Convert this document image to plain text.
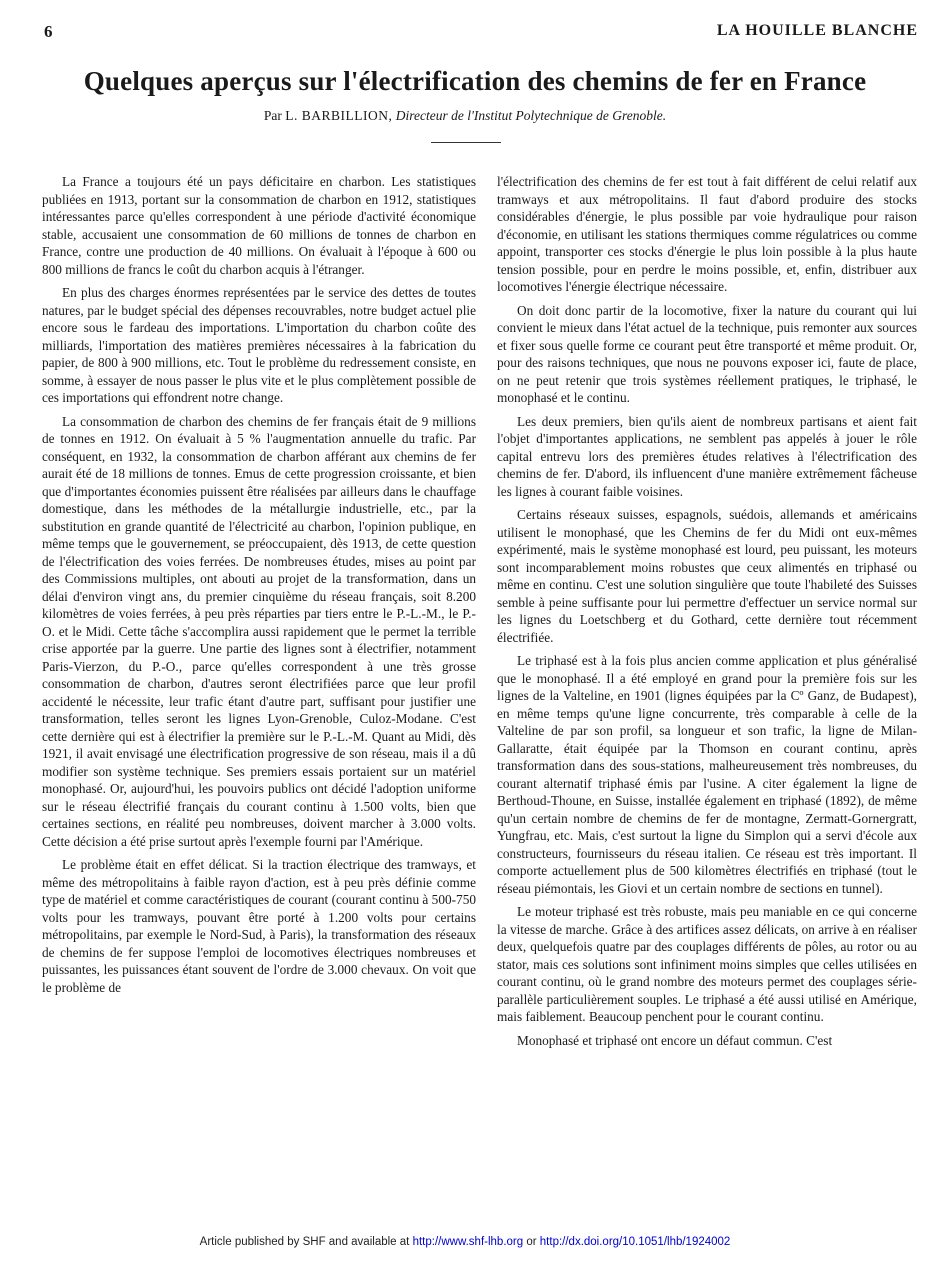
6	LA HOUILLE BLANCHE
Quelques aperçus sur l'électrification des chemins de fer en France
Par L. BARBILLION, Directeur de l'Institut Polytechnique de Grenoble.

La France a toujours été un pays déficitaire en charbon. Les statistiques publiées en 1913, portant sur la consommation de charbon en 1912, statistiques intéressantes parce qu'elles correspondent à une période d'activité économique stable, accusaient une consommation de 60 millions de tonnes de charbon en France, contre une production de 40 millions. On évaluait à l'époque à 600 ou 800 millions de francs le coût du charbon acquis à l'étranger.

En plus des charges énormes représentées par le service des dettes de toutes natures, par le budget spécial des dépenses recouvrables, notre budget actuel plie encore sous le fardeau des importations. L'importation du charbon coûte des milliards, l'importation des matières premières nécessaires à la fabrication du papier, de 800 à 900 millions, etc. Tout le problème du redressement consiste, en somme, à essayer de nous passer le plus vite et le plus complètement possible de ces importations qui effondrent notre change.

La consommation de charbon des chemins de fer français était de 9 millions de tonnes en 1912. On évaluait à 5 % l'augmentation annuelle du trafic. Par conséquent, en 1932, la consommation de charbon afférant aux chemins de fer aurait été de 18 millions de tonnes. Emus de cette progression croissante, et bien que d'importantes économies puissent être réalisées par ailleurs dans le chauffage domestique, dans les méthodes de la métallurgie industrielle, etc., par la substitution en grande quantité de l'électricité au charbon, l'opinion publique, en même temps que le gouvernement, se préoccupaient, dès 1913, de cette question de l'électrification des voies ferrées. De nombreuses études, mises au point par des Commissions multiples, ont abouti au projet de la transformation, dans un délai d'environ vingt ans, du premier cinquième du réseau français, soit 8.200 kilomètres de voies ferrées, à peu près réparties par tiers entre le P.-L.-M., le P.-O. et le Midi. Cette tâche s'accomplira aussi rapidement que le permet la terrible crise apportée par la guerre. Une partie des lignes sont à électrifier, notamment Paris-Vierzon, du P.-O., parce qu'elles correspondent à une très grosse consommation de charbon, d'autres seront électrifiées parce que leur profil accidenté le nécessite, leur trafic étant d'autre part, suffisant pour justifier une transformation, telles seront les lignes Lyon-Grenoble, Culoz-Modane. C'est cette dernière qui est à électrifier la première sur le P.-L.-M. Quant au Midi, dès 1921, il avait envisagé une électrification progressive de son réseau, mais il a dû modifier son système technique. Ses premiers essais portaient sur un matériel monophasé. Or, aujourd'hui, les pouvoirs publics ont décidé l'adoption uniforme sur le réseau électrifié français du courant continu à 1.500 volts, bien que certaines sections, en réalité peu nombreuses, doivent marcher à 3.000 volts. Cette décision a été prise surtout après l'exemple fourni par l'Amérique.

Le problème était en effet délicat. Si la traction électrique des tramways, et même des métropolitains à faible rayon d'action, est à peu près définie comme type de matériel et comme caractéristiques de courant (courant continu à 500-750 volts pour les tramways, pouvant être porté à 1.200 volts pour certains métropolitains, par exemple le Nord-Sud, à Paris), la transformation des réseaux de chemins de fer suppose l'emploi de locomotives électriques nombreuses et puissantes, les puissances étant souvent de l'ordre de 3.000 chevaux. On voit que le problème de

l'électrification des chemins de fer est tout à fait différent de celui relatif aux tramways et aux métropolitains. Il faut d'abord produire des stocks considérables d'énergie, le plus possible par voie hydraulique pour raison d'économie, en utilisant les stations thermiques comme régulatrices ou comme appoint, transporter ces stocks d'énergie le plus loin possible à la plus haute tension possible, pour en perdre le moins possible, et, enfin, distribuer aux locomotives l'énergie électrique nécessaire.

On doit donc partir de la locomotive, fixer la nature du courant qui lui convient le mieux dans l'état actuel de la technique, puis remonter aux sources et fixer sous quelle forme ce courant peut être transporté et même produit. Or, pour des raisons techniques, que nous ne pouvons exposer ici, faute de place, on ne peut retenir que trois systèmes réellement pratiques, le triphasé, le monophasé et le continu.

Les deux premiers, bien qu'ils aient de nombreux partisans et aient fait l'objet d'importantes applications, ne semblent pas appelés à jouer le rôle capital entrevu lors des premières études relatives à l'électrification des chemins de fer. D'abord, ils influencent d'une manière extrêmement fâcheuse les lignes à courant faible voisines.

Certains réseaux suisses, espagnols, suédois, allemands et américains utilisent le monophasé, que les Chemins de fer du Midi ont eux-mêmes expérimenté, mais le système monophasé est lourd, peu puissant, les moteurs sont incomparablement moins robustes que ceux alimentés en triphasé ou même en continu. C'est une solution singulière que toute l'habileté des Suisses semble à peine suffisante pour lui permettre d'effectuer un service normal sur les lignes du Loetschberg et du Gothard, cette dernière tout récemment électrifiée.

Le triphasé est à la fois plus ancien comme application et plus généralisé que le monophasé. Il a été employé en grand pour la première fois sur les lignes de la Valteline, en 1901 (lignes équipées par la Cº Ganz, de Budapest), en même temps qu'une ligne concurrente, très comparable à celle de la Valteline de par son profil, sa longueur et son trafic, la ligne de Milan-Gallaratte, était équipée par la Thomson en courant continu, après transformation dans des sous-stations, malheureusement très nombreuses, du courant alternatif triphasé émis par l'usine. A citer également la ligne de Berthoud-Thoune, en Suisse, installée également en triphasé (1892), de même qu'un certain nombre de chemins de fer de montagne, Zermatt-Gornergratt, Yungfrau, etc. Mais, c'est surtout la ligne du Simplon qui a servi d'école aux constructeurs, fournisseurs du réseau italien. Ce réseau est très important. Il comporte actuellement plus de 500 kilomètres électrifiés en triphasé (tout le réseau piémontais, les Giovi et un certain nombre de sections en tunnel).

Le moteur triphasé est très robuste, mais peu maniable en ce qui concerne la vitesse de marche. Grâce à des artifices assez délicats, on arrive à en réaliser deux, quelquefois quatre par des couplages différents de pôles, au rotor ou au stator, mais ces solutions sont infiniment moins simples que celles utilisées en courant continu, où le grand nombre des moteurs permet des couplages série-parallèle particulièrement souples. Le triphasé a été aussi utilisé en Amérique, mais faiblement. Beaucoup penchent pour le courant continu.

Monophasé et triphasé ont encore un défaut commun. C'est

Article published by SHF and available at http://www.shf-lhb.org or http://dx.doi.org/10.1051/lhb/1924002
